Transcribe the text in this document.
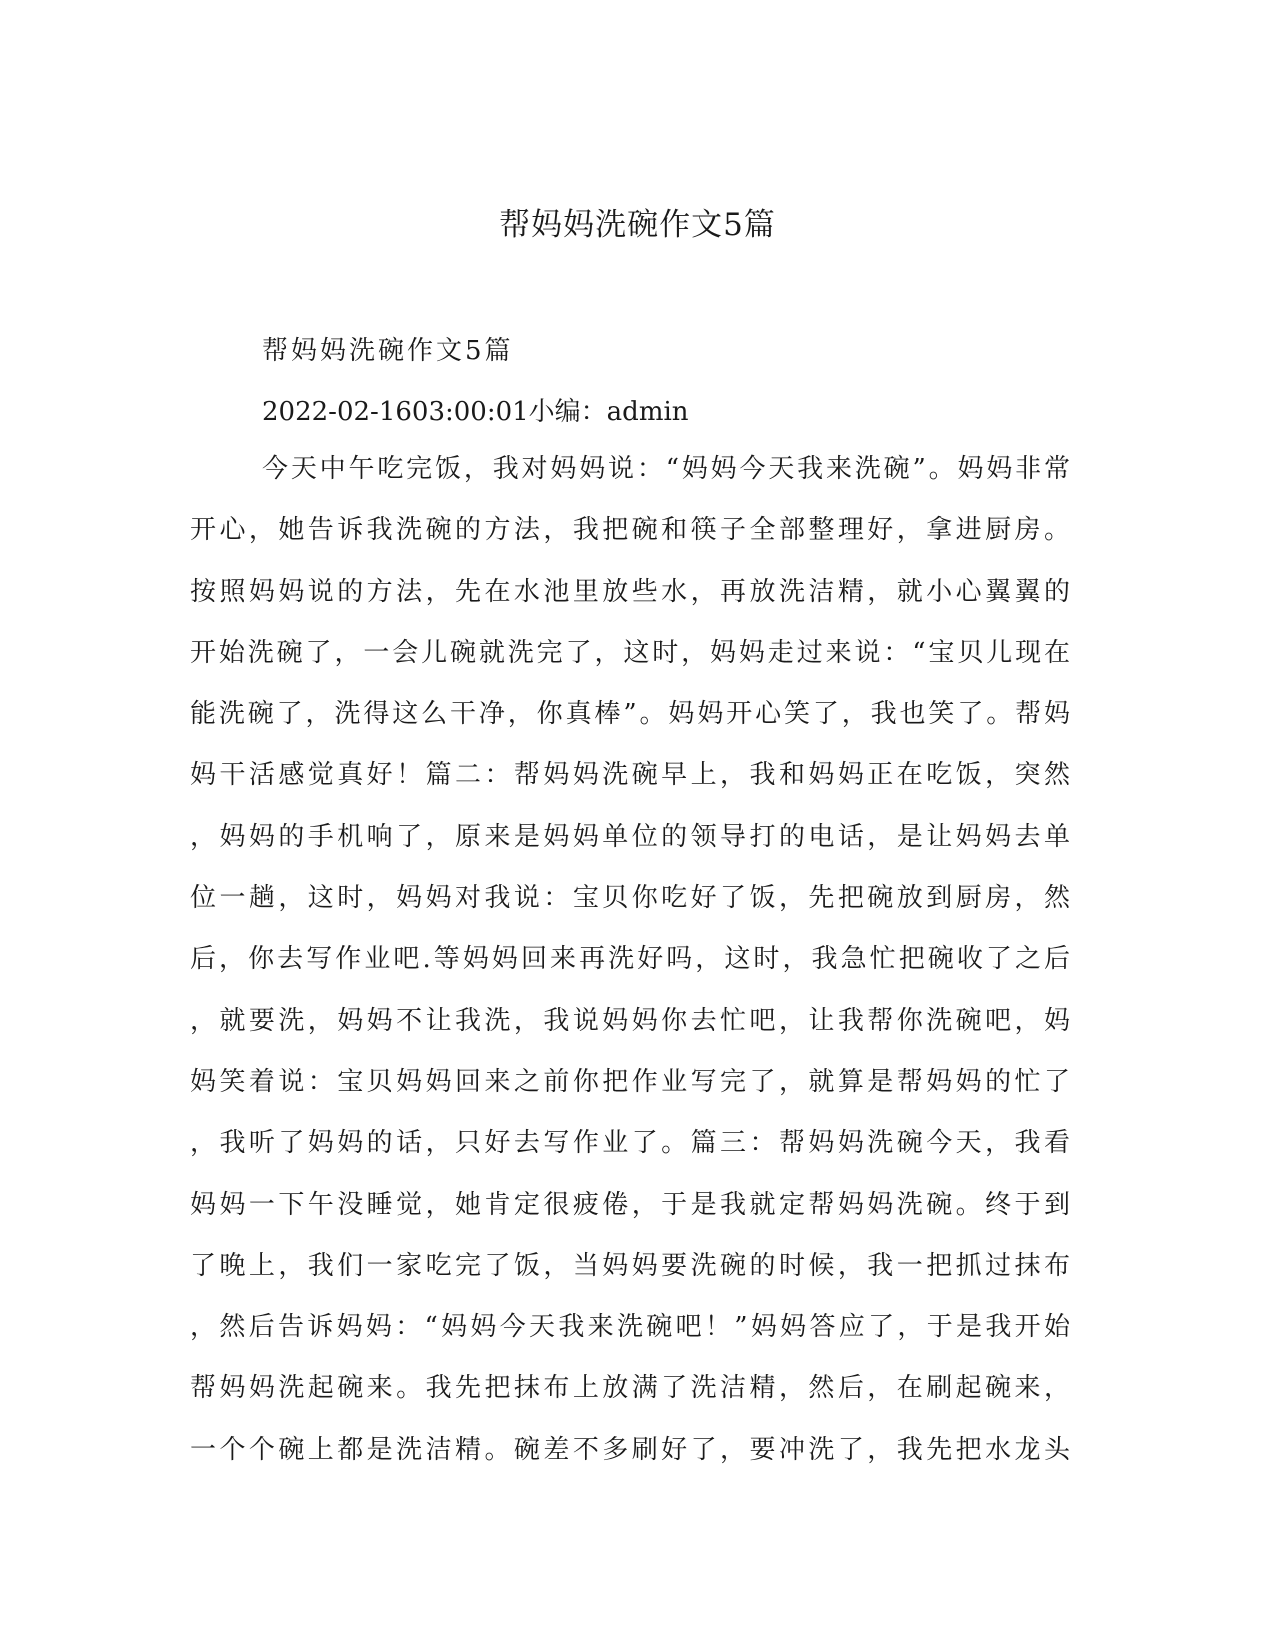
帮妈妈洗碗作文5篇

帮妈妈洗碗作文5篇

2022-02-1603:00:01小编：admin

今天中午吃完饭，我对妈妈说：“妈妈今天我来洗碗”。妈妈非常
开心，她告诉我洗碗的方法，我把碗和筷子全部整理好，拿进厨房。
按照妈妈说的方法，先在水池里放些水，再放洗洁精，就小心翼翼的
开始洗碗了，一会儿碗就洗完了，这时，妈妈走过来说：“宝贝儿现在
能洗碗了，洗得这么干净，你真棒”。妈妈开心笑了，我也笑了。帮妈
妈干活感觉真好！篇二：帮妈妈洗碗早上，我和妈妈正在吃饭，突然
，妈妈的手机响了，原来是妈妈单位的领导打的电话，是让妈妈去单
位一趟，这时，妈妈对我说：宝贝你吃好了饭，先把碗放到厨房，然
后，你去写作业吧.等妈妈回来再洗好吗，这时，我急忙把碗收了之后
，就要洗，妈妈不让我洗，我说妈妈你去忙吧，让我帮你洗碗吧，妈
妈笑着说：宝贝妈妈回来之前你把作业写完了，就算是帮妈妈的忙了
，我听了妈妈的话，只好去写作业了。篇三：帮妈妈洗碗今天，我看
妈妈一下午没睡觉，她肯定很疲倦，于是我就定帮妈妈洗碗。终于到
了晚上，我们一家吃完了饭，当妈妈要洗碗的时候，我一把抓过抹布
，然后告诉妈妈：“妈妈今天我来洗碗吧！”妈妈答应了，于是我开始
帮妈妈洗起碗来。我先把抹布上放满了洗洁精，然后，在刷起碗来，
一个个碗上都是洗洁精。碗差不多刷好了，要冲洗了，我先把水龙头
